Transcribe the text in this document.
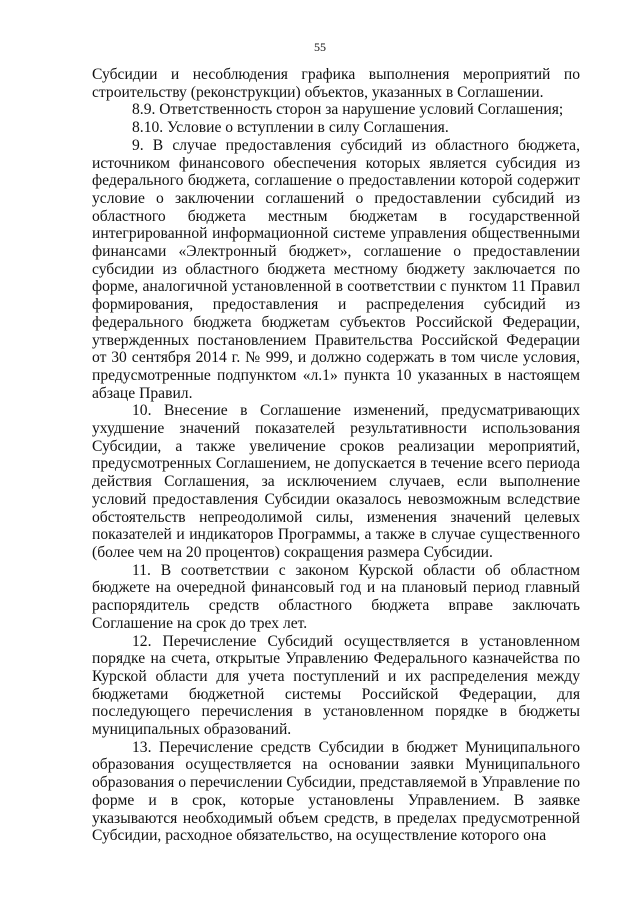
55

Субсидии и несоблюдения графика выполнения мероприятий по строительству (реконструкции) объектов, указанных в Соглашении.

8.9. Ответственность сторон за нарушение условий Соглашения;

8.10. Условие о вступлении в силу Соглашения.

9. В случае предоставления субсидий из областного бюджета, источником финансового обеспечения которых является субсидия из федерального бюджета, соглашение о предоставлении которой содержит условие о заключении соглашений о предоставлении субсидий из областного бюджета местным бюджетам в государственной интегрированной информационной системе управления общественными финансами «Электронный бюджет», соглашение о предоставлении субсидии из областного бюджета местному бюджету заключается по форме, аналогичной установленной в соответствии с пунктом 11 Правил формирования, предоставления и распределения субсидий из федерального бюджета бюджетам субъектов Российской Федерации, утвержденных постановлением Правительства Российской Федерации от 30 сентября 2014 г. № 999, и должно содержать в том числе условия, предусмотренные подпунктом «л.1» пункта 10 указанных в настоящем абзаце Правил.

10. Внесение в Соглашение изменений, предусматривающих ухудшение значений показателей результативности использования Субсидии, а также увеличение сроков реализации мероприятий, предусмотренных Соглашением, не допускается в течение всего периода действия Соглашения, за исключением случаев, если выполнение условий предоставления Субсидии оказалось невозможным вследствие обстоятельств непреодолимой силы, изменения значений целевых показателей и индикаторов Программы, а также в случае существенного (более чем на 20 процентов) сокращения размера Субсидии.

11. В соответствии с законом Курской области об областном бюджете на очередной финансовый год и на плановый период главный распорядитель средств областного бюджета вправе заключать Соглашение на срок до трех лет.

12. Перечисление Субсидий осуществляется в установленном порядке на счета, открытые Управлению Федерального казначейства по Курской области для учета поступлений и их распределения между бюджетами бюджетной системы Российской Федерации, для последующего перечисления в установленном порядке в бюджеты муниципальных образований.

13. Перечисление средств Субсидии в бюджет Муниципального образования осуществляется на основании заявки Муниципального образования о перечислении Субсидии, представляемой в Управление по форме и в срок, которые установлены Управлением. В заявке указываются необходимый объем средств, в пределах предусмотренной Субсидии, расходное обязательство, на осуществление которого она
